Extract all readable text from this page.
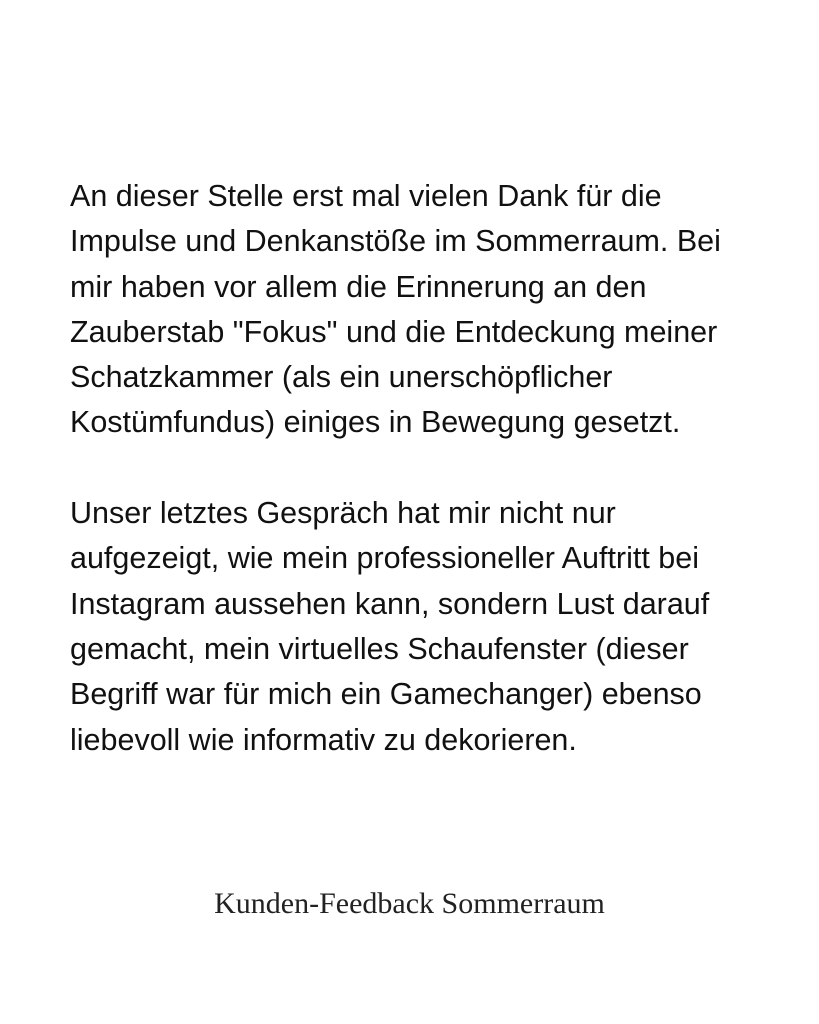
An dieser Stelle erst mal vielen Dank für die
Impulse und Denkanstöße im Sommerraum. Bei
mir haben vor allem die Erinnerung an den
Zauberstab "Fokus" und die Entdeckung meiner
Schatzkammer (als ein unerschöpflicher
Kostümfundus) einiges in Bewegung gesetzt.

Unser letztes Gespräch hat mir nicht nur
aufgezeigt, wie mein professioneller Auftritt bei
Instagram aussehen kann, sondern Lust darauf
gemacht, mein virtuelles Schaufenster (dieser
Begriff war für mich ein Gamechanger) ebenso
liebevoll wie informativ zu dekorieren.

Kunden-Feedback Sommerraum
